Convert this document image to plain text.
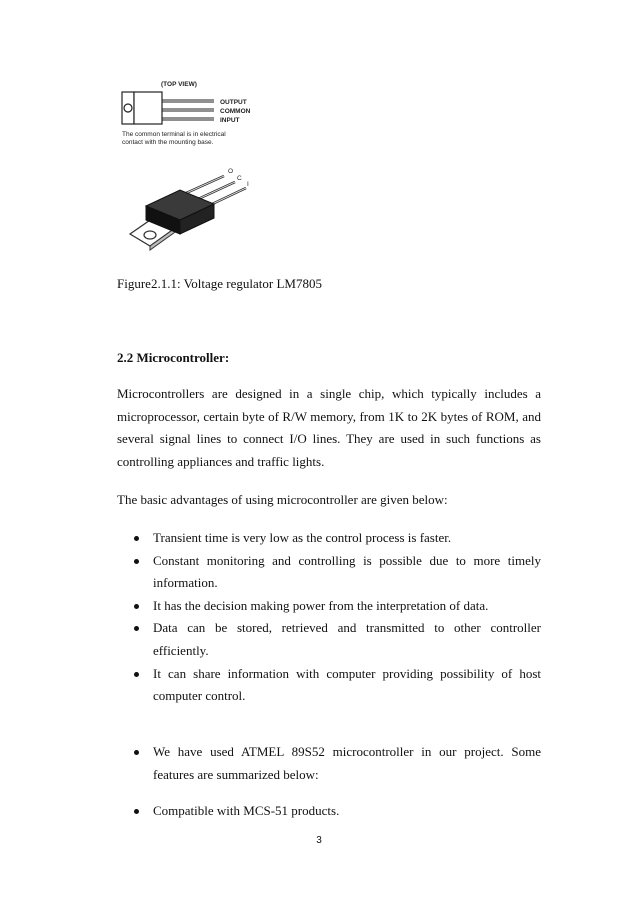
(TOP VIEW)
OUTPUT
COMMON
INPUT
The common terminal is in electrical
contact with the mounting base.
O
C
I
Figure2.1.1: Voltage regulator LM7805
2.2 Microcontroller:

Microcontrollers are designed in a single chip, which typically includes a microprocessor, certain byte of R/W memory, from 1K to 2K bytes of ROM, and several signal lines to connect I/O lines. They are used in such functions as controlling appliances and traffic lights.

The basic advantages of using microcontroller are given below:

Transient time is very low as the control process is faster.
Constant monitoring and controlling is possible due to more timely information.
It has the decision making power from the interpretation of data.
Data can be stored, retrieved and transmitted to other controller efficiently.
It can share information with computer providing possibility of host computer control.
We have used ATMEL 89S52 microcontroller in our project. Some features are summarized below:
Compatible with MCS-51 products.
3
